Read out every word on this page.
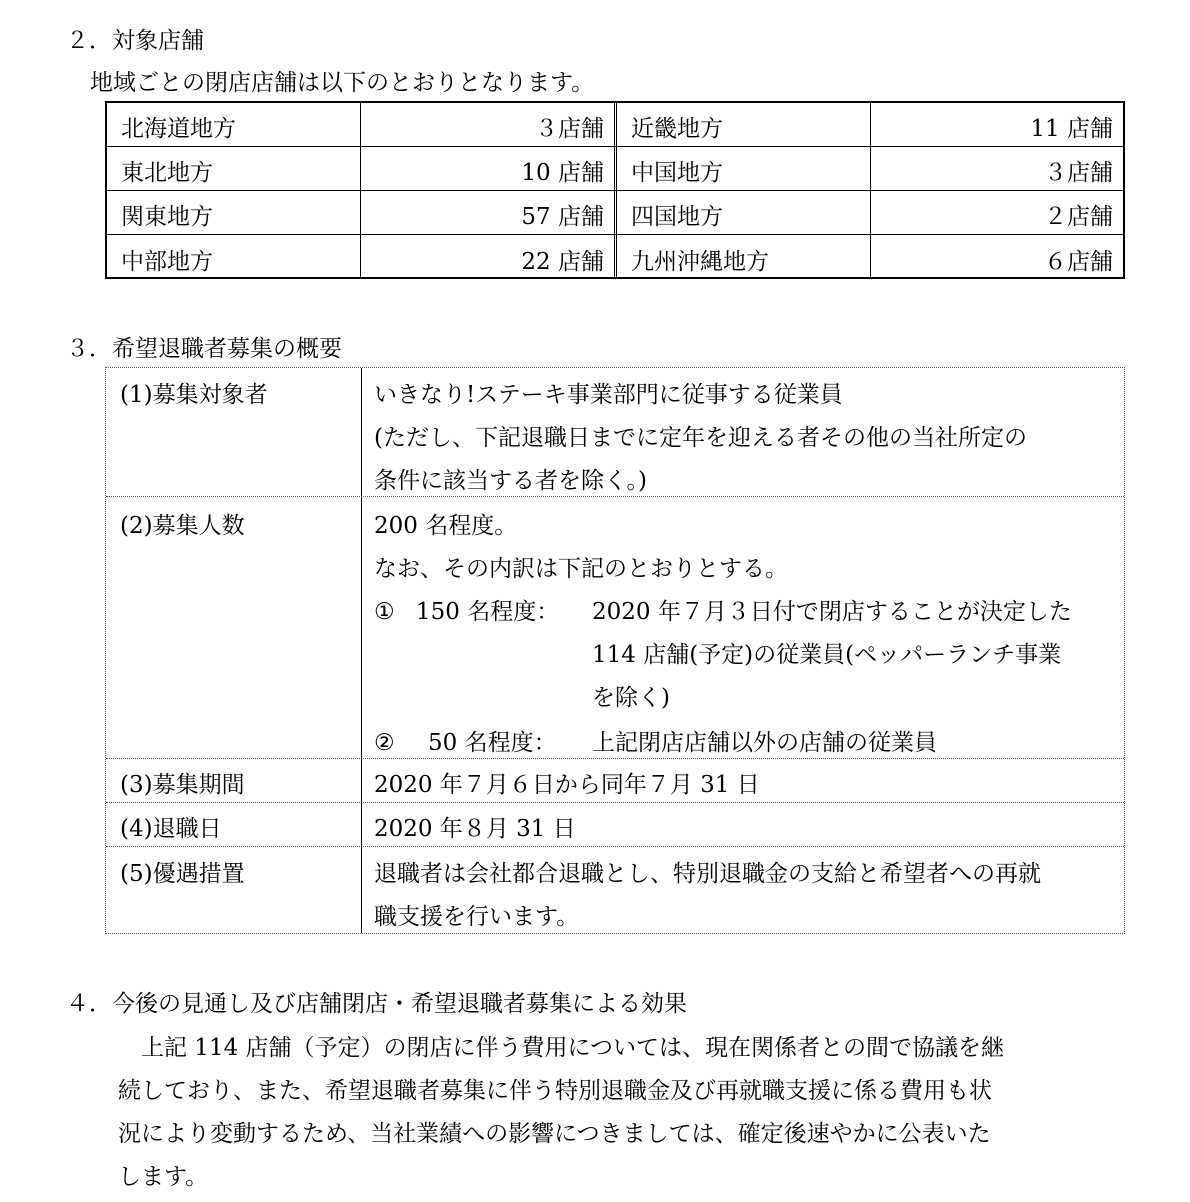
２．対象店舗
地域ごとの閉店店舗は以下のとおりとなります。
北海道地方	３店舗 近畿地方	11 店舗
東北地方	10 店舗 中国地方	３店舗
関東地方	57 店舗 四国地方	２店舗
中部地方	22 店舗 九州沖縄地方	６店舗
３．希望退職者募集の概要
(1)募集対象者	いきなり!ステーキ事業部門に従事する従業員
(ただし、下記退職日までに定年を迎える者その他の当社所定の
条件に該当する者を除く。)
(2)募集人数	200 名程度。
なお、その内訳は下記のとおりとする。
① 150 名程度： 2020 年７月３日付で閉店することが決定した
114 店舗(予定)の従業員(ペッパーランチ事業
を除く)
② 50 名程度： 上記閉店店舗以外の店舗の従業員
(3)募集期間	2020 年７月６日から同年７月 31 日
(4)退職日	2020 年８月 31 日
(5)優遇措置	退職者は会社都合退職とし、特別退職金の支給と希望者への再就
職支援を行います。
４．今後の見通し及び店舗閉店・希望退職者募集による効果
　上記 114 店舗（予定）の閉店に伴う費用については、現在関係者との間で協議を継
続しており、また、希望退職者募集に伴う特別退職金及び再就職支援に係る費用も状
況により変動するため、当社業績への影響につきましては、確定後速やかに公表いた
します。
